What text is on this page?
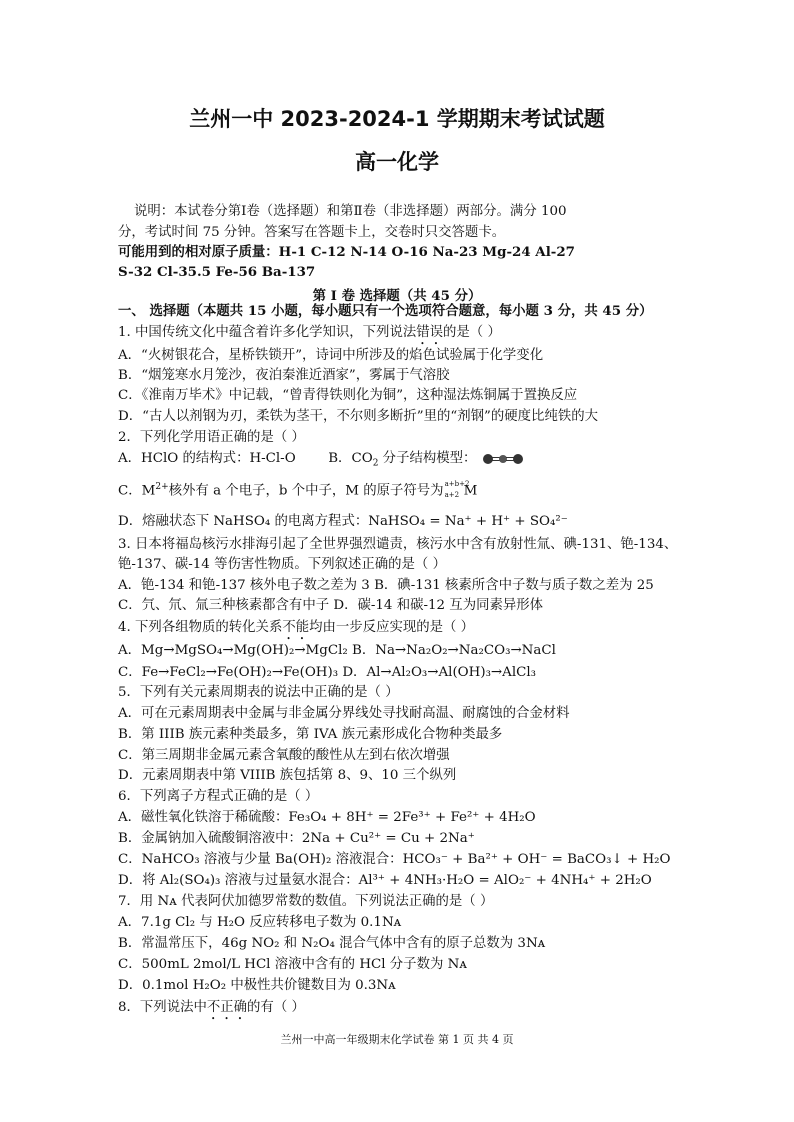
兰州一中 2023-2024-1 学期期末考试试题
高一化学
说明：本试卷分第Ⅰ卷（选择题）和第Ⅱ卷（非选择题）两部分。满分 100
分，考试时间 75 分钟。答案写在答题卡上，交卷时只交答题卡。
可能用到的相对原子质量：H-1 C-12 N-14 O-16 Na-23 Mg-24 Al-27
S-32 Cl-35.5 Fe-56 Ba-137
第 I 卷 选择题（共 45 分）
一、 选择题（本题共 15 小题，每小题只有一个选项符合题意，每小题 3 分，共 45 分）
1. 中国传统文化中蕴含着许多化学知识，下列说法错误的是（ ）
A．“火树银花合，星桥铁锁开”，诗词中所涉及的焰色试验属于化学变化
B．“烟笼寒水月笼沙，夜泊秦淮近酒家”，雾属于气溶胶
C．《淮南万毕术》中记载，“曾青得铁则化为铜”，这种湿法炼铜属于置换反应
D．“古人以剂钢为刃，柔铁为茎干，不尔则多断折”里的“剂钢”的硬度比纯铁的大
2．下列化学用语正确的是（ ）
A．HClO 的结构式：H-Cl-O B．$CO_2$ 分子结构模型：
C．$M^{2+}$核外有 a 个电子，b 个中子，M 的原子符号为 a+b+2
a+2 M
D．熔融状态下 NaHSO₄ 的电离方程式：NaHSO₄ = Na⁺ + H⁺ + SO₄²⁻
3. 日本将福岛核污水排海引起了全世界强烈谴责，核污水中含有放射性氚、碘-131、铯-134、
铯-137、碳-14 等伤害性物质。下列叙述正确的是（ ）
A．铯-134 和铯-137 核外电子数之差为 3 B．碘-131 核素所含中子数与质子数之差为 25
C．氕、氘、氚三种核素都含有中子 D．碳-14 和碳-12 互为同素异形体
4. 下列各组物质的转化关系不能均由一步反应实现的是（ ）
A．Mg→MgSO₄→Mg(OH)₂→MgCl₂ B．Na→Na₂O₂→Na₂CO₃→NaCl
C．Fe→FeCl₂→Fe(OH)₂→Fe(OH)₃ D．Al→Al₂O₃→Al(OH)₃→AlCl₃
5．下列有关元素周期表的说法中正确的是（ ）
A．可在元素周期表中金属与非金属分界线处寻找耐高温、耐腐蚀的合金材料
B．第 IIIB 族元素种类最多，第 IVA 族元素形成化合物种类最多
C．第三周期非金属元素含氧酸的酸性从左到右依次增强
D．元素周期表中第 VIIIB 族包括第 8、9、10 三个纵列
6．下列离子方程式正确的是（ ）
A．磁性氧化铁溶于稀硫酸：Fe₃O₄ + 8H⁺ = 2Fe³⁺ + Fe²⁺ + 4H₂O
B．金属钠加入硫酸铜溶液中：2Na + Cu²⁺ = Cu + 2Na⁺
C．NaHCO₃ 溶液与少量 Ba(OH)₂ 溶液混合：HCO₃⁻ + Ba²⁺ + OH⁻ = BaCO₃↓ + H₂O
D．将 Al₂(SO₄)₃ 溶液与过量氨水混合：Al³⁺ + 4NH₃·H₂O = AlO₂⁻ + 4NH₄⁺ + 2H₂O
7．用 Nᴀ 代表阿伏加德罗常数的数值。下列说法正确的是（ ）
A．7.1g Cl₂ 与 H₂O 反应转移电子数为 0.1Nᴀ
B．常温常压下，46g NO₂ 和 N₂O₄ 混合气体中含有的原子总数为 3Nᴀ
C．500mL 2mol/L HCl 溶液中含有的 HCl 分子数为 Nᴀ
D．0.1mol H₂O₂ 中极性共价键数目为 0.3Nᴀ
8．下列说法中不正确的有（ ）
兰州一中高一年级期末化学试卷 第 1 页 共 4 页
